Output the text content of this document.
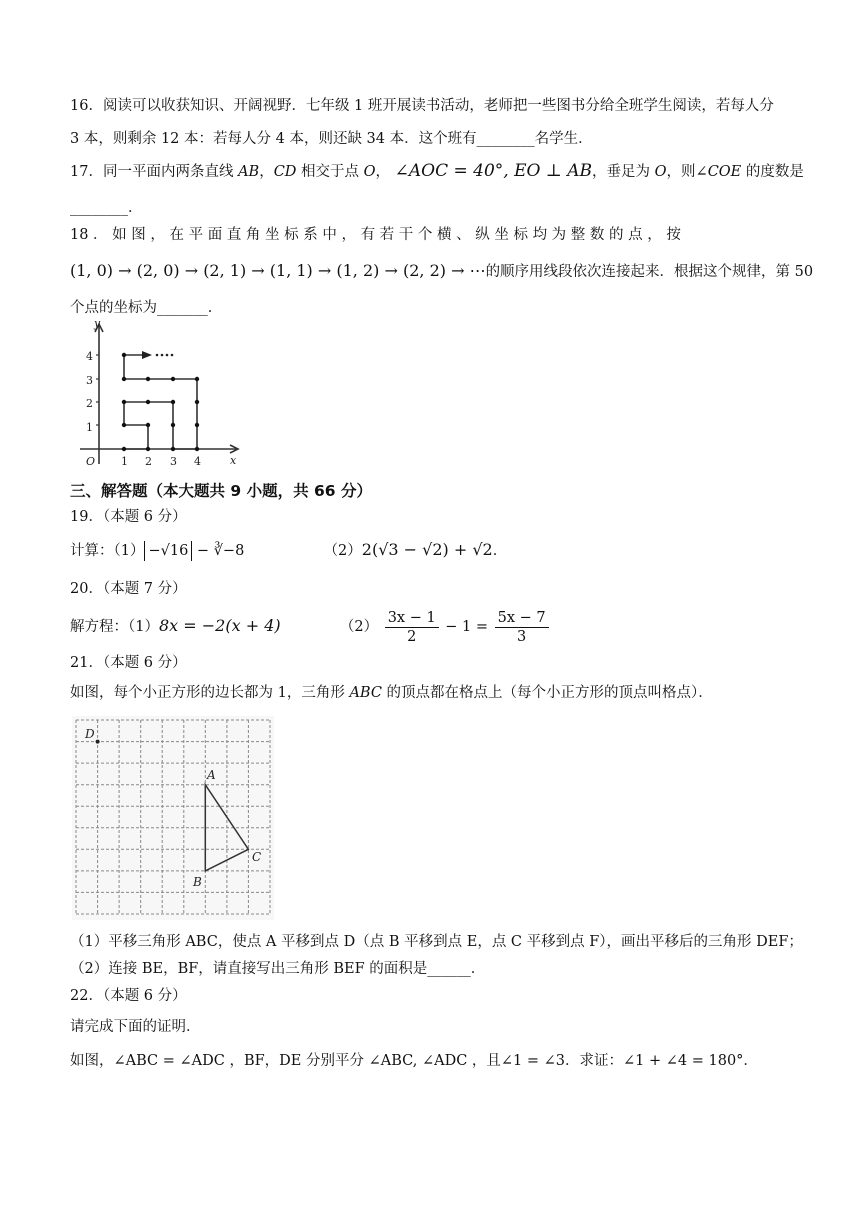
16．阅读可以收获知识、开阔视野．七年级 1 班开展读书活动，老师把一些图书分给全班学生阅读，若每人分
3 本，则剩余 12 本：若每人分 4 本，则还缺 34 本．这个班有________名学生．
17．同一平面内两条直线 AB，CD 相交于点 O， ∠AOC = 40°, EO ⊥ AB，垂足为 O，则∠COE 的度数是
________．
18 ． 如 图 ， 在 平 面 直 角 坐 标 系 中 ， 有 若 干 个 横 、 纵 坐 标 均 为 整 数 的 点 ， 按
(1, 0) → (2, 0) → (2, 1) → (1, 1) → (1, 2) → (2, 2) → ⋯的顺序用线段依次连接起来．根据这个规律，第 50
个点的坐标为_______．
y
x
O 1 2 3 4
1
2
3
4
三、解答题（本大题共 9 小题，共 66 分）
19．（本题 6 分）
计算：（1） −√16 − ∛−8	（2）2(√3 − √2) + √2．
20．（本题 7 分）
解方程：（1）8x = −2(x + 4)	$(2) \frac{3x - 1}{2} - 1 = \frac{5x - 7}{3}$
21．（本题 6 分）
如图，每个小正方形的边长都为 1，三角形 ABC 的顶点都在格点上（每个小正方形的顶点叫格点）．
D
A
B
C
（1）平移三角形 ABC，使点 A 平移到点 D（点 B 平移到点 E，点 C 平移到点 F），画出平移后的三角形 DEF；
（2）连接 BE，BF，请直接写出三角形 BEF 的面积是______．
22．（本题 6 分）
请完成下面的证明．
如图，∠ABC = ∠ADC ，BF，DE 分别平分 ∠ABC, ∠ADC ，且∠1 = ∠3．求证：∠1 + ∠4 = 180°．
